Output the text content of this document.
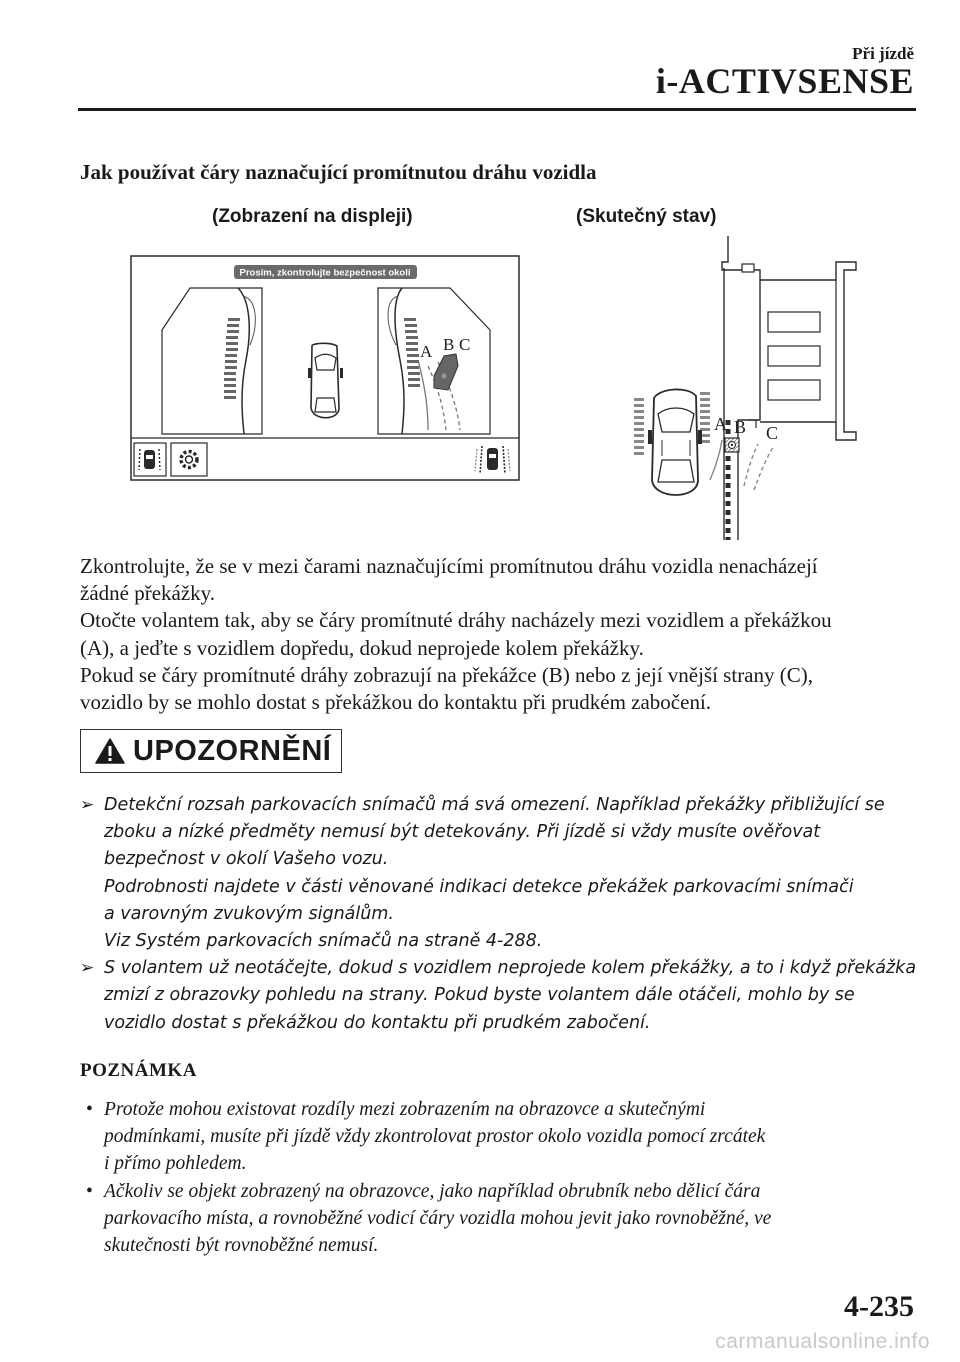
Při jízdě
i-ACTIVSENSE
Jak používat čáry naznačující promítnutou dráhu vozidla
(Zobrazení na displeji)	(Skutečný stav)
Prosím, zkontrolujte bezpečnost okolí
A B C
A B C

Zkontrolujte, že se v mezi čarami naznačujícími promítnutou dráhu vozidla nenacházejí

žádné překážky.

Otočte volantem tak, aby se čáry promítnuté dráhy nacházely mezi vozidlem a překážkou

(A), a jeďte s vozidlem dopředu, dokud neprojede kolem překážky.

Pokud se čáry promítnuté dráhy zobrazují na překážce (B) nebo z její vnější strany (C),

vozidlo by se mohlo dostat s překážkou do kontaktu při prudkém zabočení.

UPOZORNĚNÍ
➢ Detekční rozsah parkovacích snímačů má svá omezení. Například překážky přibližující se
zboku a nízké předměty nemusí být detekovány. Při jízdě si vždy musíte ověřovat
bezpečnost v okolí Vašeho vozu.
Podrobnosti najdete v části věnované indikaci detekce překážek parkovacími snímači
a varovným zvukovým signálům.
Viz Systém parkovacích snímačů na straně 4-288.
➢ S volantem už neotáčejte, dokud s vozidlem neprojede kolem překážky, a to i když překážka
zmizí z obrazovky pohledu na strany. Pokud byste volantem dále otáčeli, mohlo by se
vozidlo dostat s překážkou do kontaktu při prudkém zabočení.
POZNÁMKA
• Protože mohou existovat rozdíly mezi zobrazením na obrazovce a skutečnými
podmínkami, musíte při jízdě vždy zkontrolovat prostor okolo vozidla pomocí zrcátek
i přímo pohledem.
• Ačkoliv se objekt zobrazený na obrazovce, jako například obrubník nebo dělicí čára
parkovacího místa, a rovnoběžné vodicí čáry vozidla mohou jevit jako rovnoběžné, ve
skutečnosti být rovnoběžné nemusí.
4-235
carmanualsonline.info
